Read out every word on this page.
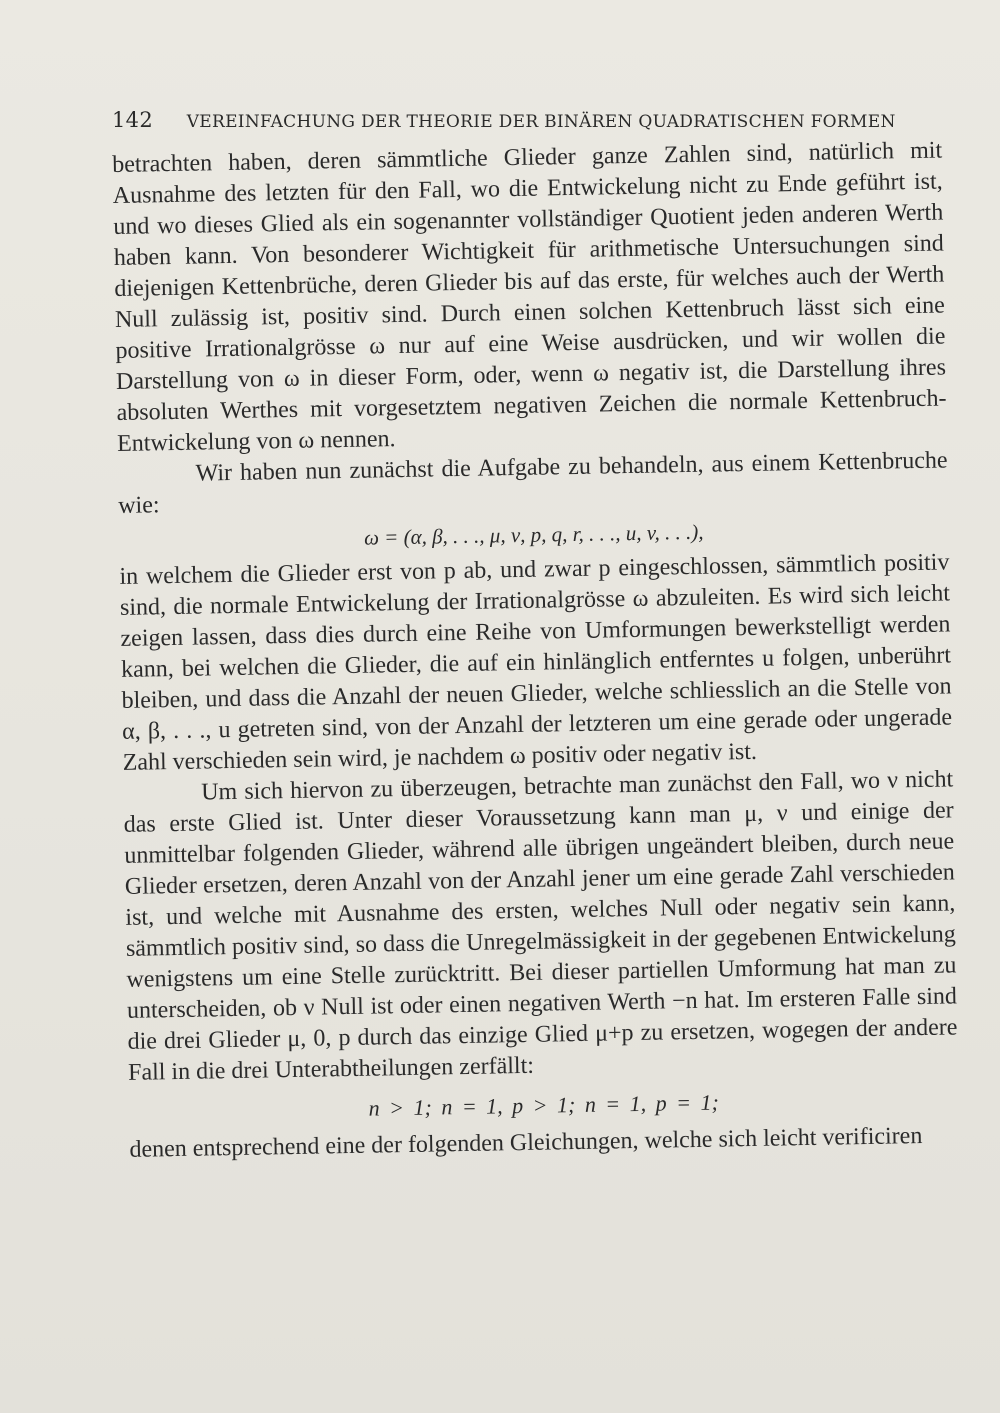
142 VEREINFACHUNG DER THEORIE DER BINÄREN QUADRATISCHEN FORMEN

betrachten haben, deren sämmtliche Glieder ganze Zahlen sind, natürlich mit Ausnahme des letzten für den Fall, wo die Entwickelung nicht zu Ende geführt ist, und wo dieses Glied als ein sogenannter vollständiger Quotient jeden anderen Werth haben kann. Von besonderer Wichtigkeit für arithmetische Untersuchungen sind diejenigen Kettenbrüche, deren Glieder bis auf das erste, für welches auch der Werth Null zulässig ist, positiv sind. Durch einen solchen Kettenbruch lässt sich eine positive Irrationalgrösse ω nur auf eine Weise ausdrücken, und wir wollen die Darstellung von ω in dieser Form, oder, wenn ω negativ ist, die Darstellung ihres absoluten Werthes mit vorgesetztem negativen Zeichen die normale Kettenbruch-Entwickelung von ω nennen.

Wir haben nun zunächst die Aufgabe zu behandeln, aus einem Kettenbruche wie:

ω = (α, β, . . ., μ, ν, p, q, r, . . ., u, v, . . .),

in welchem die Glieder erst von p ab, und zwar p eingeschlossen, sämmtlich positiv sind, die normale Entwickelung der Irrationalgrösse ω abzuleiten. Es wird sich leicht zeigen lassen, dass dies durch eine Reihe von Umformungen bewerkstelligt werden kann, bei welchen die Glieder, die auf ein hinlänglich entferntes u folgen, unberührt bleiben, und dass die Anzahl der neuen Glieder, welche schliesslich an die Stelle von α, β, . . ., u getreten sind, von der Anzahl der letzteren um eine gerade oder ungerade Zahl verschieden sein wird, je nachdem ω positiv oder negativ ist.

Um sich hiervon zu überzeugen, betrachte man zunächst den Fall, wo ν nicht das erste Glied ist. Unter dieser Voraussetzung kann man μ, ν und einige der unmittelbar folgenden Glieder, während alle übrigen ungeändert bleiben, durch neue Glieder ersetzen, deren Anzahl von der Anzahl jener um eine gerade Zahl verschieden ist, und welche mit Ausnahme des ersten, welches Null oder negativ sein kann, sämmtlich positiv sind, so dass die Unregelmässigkeit in der gegebenen Entwickelung wenigstens um eine Stelle zurücktritt. Bei dieser partiellen Umformung hat man zu unterscheiden, ob ν Null ist oder einen negativen Werth −n hat. Im ersteren Falle sind die drei Glieder μ, 0, p durch das einzige Glied μ+p zu ersetzen, wogegen der andere Fall in die drei Unterabtheilungen zerfällt:

n > 1; n = 1, p > 1; n = 1, p = 1;

denen entsprechend eine der folgenden Gleichungen, welche sich leicht verificiren
